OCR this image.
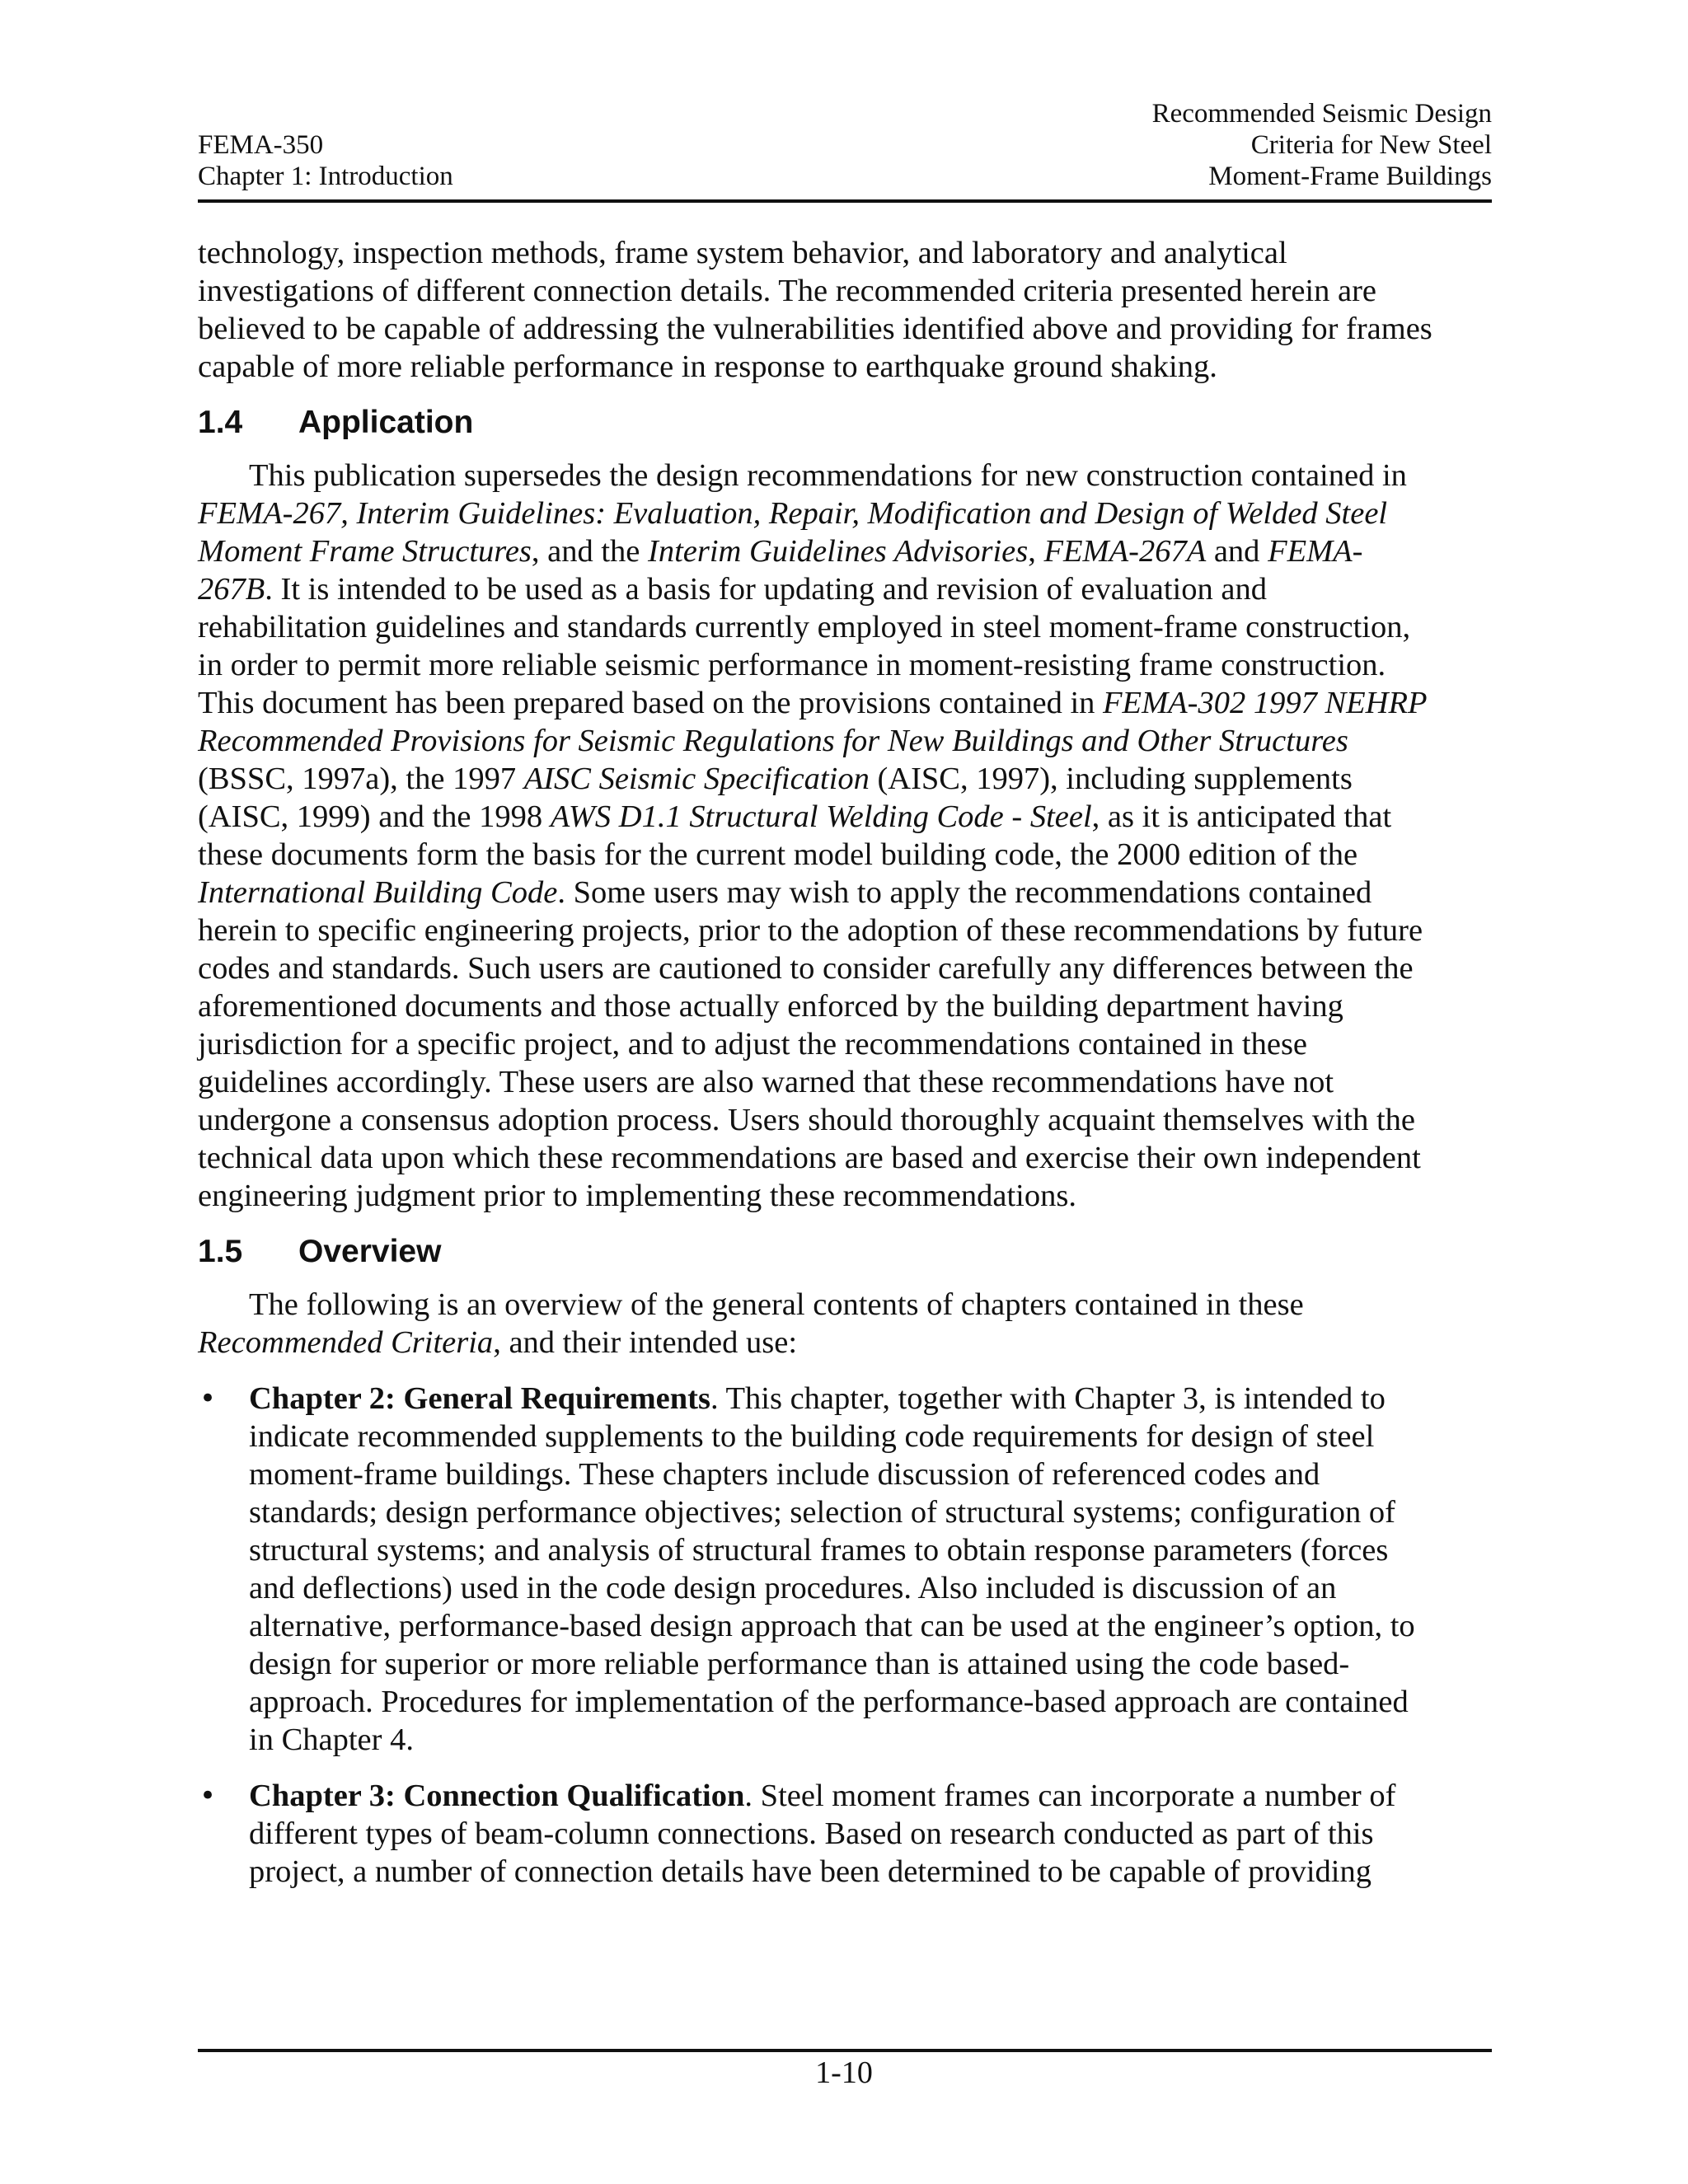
FEMA-350
Chapter 1: Introduction
Recommended Seismic Design
Criteria for New Steel
Moment-Frame Buildings

technology, inspection methods, frame system behavior, and laboratory and analytical
investigations of different connection details. The recommended criteria presented herein are
believed to be capable of addressing the vulnerabilities identified above and providing for frames
capable of more reliable performance in response to earthquake ground shaking.

1.4 Application

This publication supersedes the design recommendations for new construction contained in
FEMA-267, Interim Guidelines: Evaluation, Repair, Modification and Design of Welded Steel
Moment Frame Structures, and the Interim Guidelines Advisories, FEMA-267A and FEMA-
267B. It is intended to be used as a basis for updating and revision of evaluation and
rehabilitation guidelines and standards currently employed in steel moment-frame construction,
in order to permit more reliable seismic performance in moment-resisting frame construction.
This document has been prepared based on the provisions contained in FEMA-302 1997 NEHRP
Recommended Provisions for Seismic Regulations for New Buildings and Other Structures
(BSSC, 1997a), the 1997 AISC Seismic Specification (AISC, 1997), including supplements
(AISC, 1999) and the 1998 AWS D1.1 Structural Welding Code - Steel, as it is anticipated that
these documents form the basis for the current model building code, the 2000 edition of the
International Building Code. Some users may wish to apply the recommendations contained
herein to specific engineering projects, prior to the adoption of these recommendations by future
codes and standards. Such users are cautioned to consider carefully any differences between the
aforementioned documents and those actually enforced by the building department having
jurisdiction for a specific project, and to adjust the recommendations contained in these
guidelines accordingly. These users are also warned that these recommendations have not
undergone a consensus adoption process. Users should thoroughly acquaint themselves with the
technical data upon which these recommendations are based and exercise their own independent
engineering judgment prior to implementing these recommendations.

1.5 Overview

The following is an overview of the general contents of chapters contained in these
Recommended Criteria, and their intended use:

• Chapter 2: General Requirements. This chapter, together with Chapter 3, is intended to
indicate recommended supplements to the building code requirements for design of steel
moment-frame buildings. These chapters include discussion of referenced codes and
standards; design performance objectives; selection of structural systems; configuration of
structural systems; and analysis of structural frames to obtain response parameters (forces
and deflections) used in the code design procedures. Also included is discussion of an
alternative, performance-based design approach that can be used at the engineer’s option, to
design for superior or more reliable performance than is attained using the code based-
approach. Procedures for implementation of the performance-based approach are contained
in Chapter 4.
• Chapter 3: Connection Qualification. Steel moment frames can incorporate a number of
different types of beam-column connections. Based on research conducted as part of this
project, a number of connection details have been determined to be capable of providing
1-10
